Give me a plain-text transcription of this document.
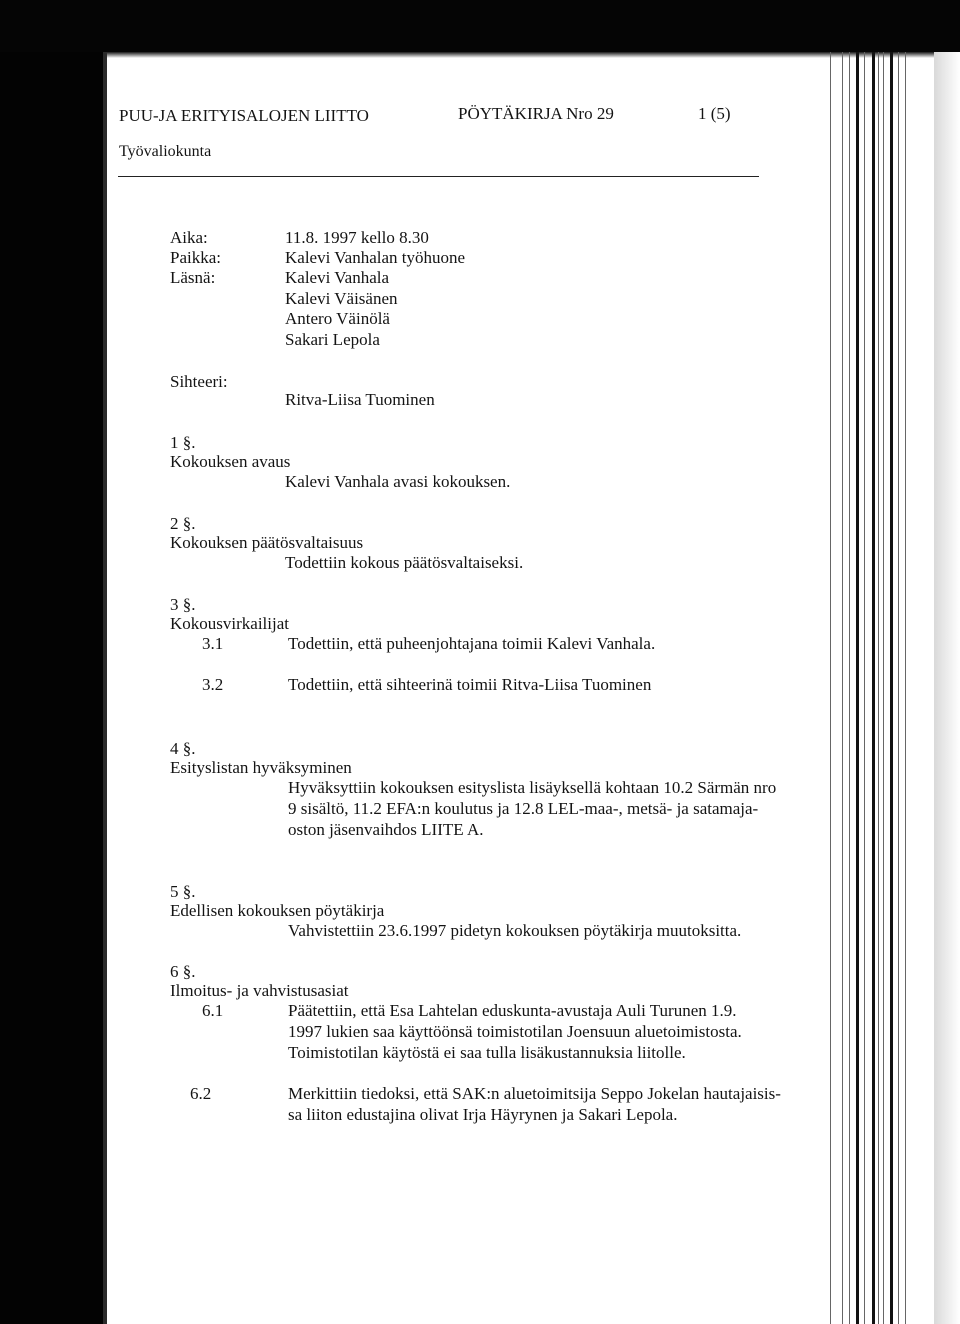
PUU-JA ERITYISALOJEN LIITTO	PÖYTÄKIRJA Nro 29	1 (5)
Työvaliokunta
Aika:	11.8. 1997 kello 8.30
Paikka:	Kalevi Vanhalan työhuone
Läsnä:	Kalevi Vanhala
Kalevi Väisänen
Antero Väinölä
Sakari Lepola
Sihteeri:
Ritva-Liisa Tuominen
1 §.
Kokouksen avaus
Kalevi Vanhala avasi kokouksen.
2 §.
Kokouksen päätösvaltaisuus
Todettiin kokous päätösvaltaiseksi.
3 §.
Kokousvirkailijat
3.1	Todettiin, että puheenjohtajana toimii Kalevi Vanhala.
3.2	Todettiin, että sihteerinä toimii Ritva-Liisa Tuominen
4 §.
Esityslistan hyväksyminen
Hyväksyttiin kokouksen esityslista lisäyksellä kohtaan 10.2 Särmän nro
9 sisältö, 11.2 EFA:n koulutus ja 12.8 LEL-maa-, metsä- ja satamaja-
oston jäsenvaihdos LIITE A.
5 §.
Edellisen kokouksen pöytäkirja
Vahvistettiin 23.6.1997 pidetyn kokouksen pöytäkirja muutoksitta.
6 §.
Ilmoitus- ja vahvistusasiat
6.1	Päätettiin, että Esa Lahtelan eduskunta-avustaja Auli Turunen 1.9.
1997 lukien saa käyttöönsä toimistotilan Joensuun aluetoimistosta.
Toimistotilan käytöstä ei saa tulla lisäkustannuksia liitolle.
6.2	Merkittiin tiedoksi, että SAK:n aluetoimitsija Seppo Jokelan hautajaisis-
sa liiton edustajina olivat Irja Häyrynen ja Sakari Lepola.
